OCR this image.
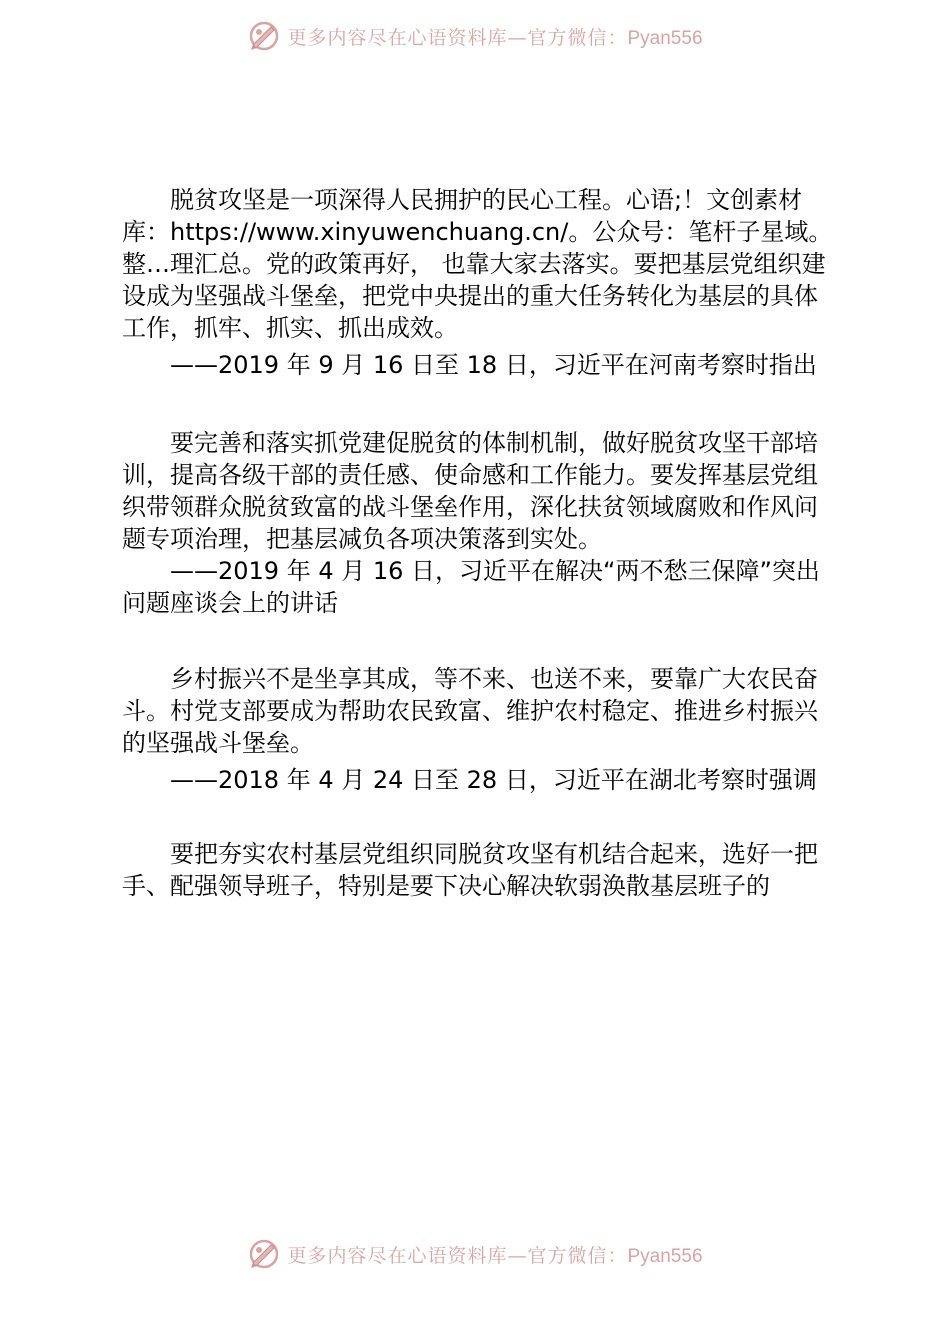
更多内容尽在心语资料库—官方微信：Pyan556

脱贫攻坚是一项深得人民拥护的民心工程。心语;！文创素材库：https://www.xinyuwenchuang.cn/。公众号：笔杆子星域。整…理汇总。党的政策再好， 也靠大家去落实。要把基层党组织建设成为坚强战斗堡垒，把党中央提出的重大任务转化为基层的具体工作，抓牢、抓实、抓出成效。

——2019 年 9 月 16 日至 18 日，习近平在河南考察时指出

要完善和落实抓党建促脱贫的体制机制，做好脱贫攻坚干部培训，提高各级干部的责任感、使命感和工作能力。要发挥基层党组织带领群众脱贫致富的战斗堡垒作用，深化扶贫领域腐败和作风问题专项治理，把基层减负各项决策落到实处。

——2019 年 4 月 16 日，习近平在解决“两不愁三保障”突出问题座谈会上的讲话

乡村振兴不是坐享其成，等不来、也送不来，要靠广大农民奋斗。村党支部要成为帮助农民致富、维护农村稳定、推进乡村振兴的坚强战斗堡垒。

——2018 年 4 月 24 日至 28 日，习近平在湖北考察时强调

要把夯实农村基层党组织同脱贫攻坚有机结合起来，选好一把手、配强领导班子，特别是要下决心解决软弱涣散基层班子的

更多内容尽在心语资料库—官方微信：Pyan556
